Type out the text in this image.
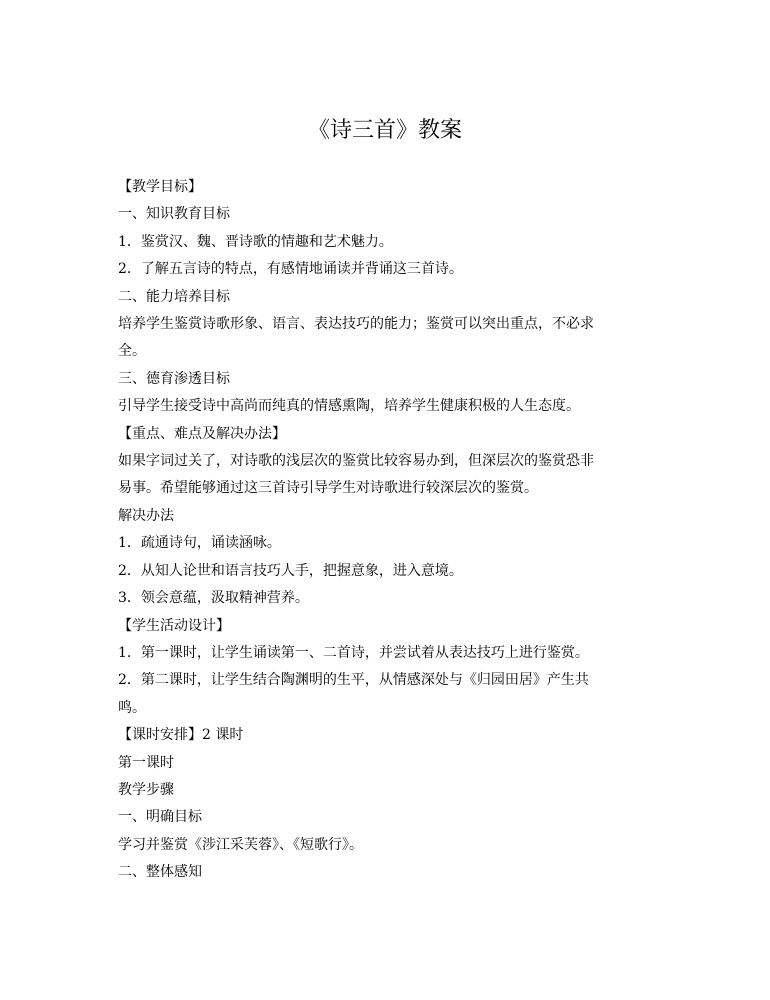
《诗三首》教案

【教学目标】

一、知识教育目标

1．鉴赏汉、魏、晋诗歌的情趣和艺术魅力。

2．了解五言诗的特点，有感情地诵读并背诵这三首诗。

二、能力培养目标

培养学生鉴赏诗歌形象、语言、表达技巧的能力；鉴赏可以突出重点，不必求

全。

三、德育渗透目标

引导学生接受诗中高尚而纯真的情感熏陶，培养学生健康积极的人生态度。

【重点、难点及解决办法】

如果字词过关了，对诗歌的浅层次的鉴赏比较容易办到，但深层次的鉴赏恐非

易事。希望能够通过这三首诗引导学生对诗歌进行较深层次的鉴赏。

解决办法

1．疏通诗句，诵读涵咏。

2．从知人论世和语言技巧人手，把握意象，进入意境。

3．领会意蕴，汲取精神营养。

【学生活动设计】

1．第一课时，让学生诵读第一、二首诗，并尝试着从表达技巧上进行鉴赏。

2．第二课时，让学生结合陶渊明的生平，从情感深处与《归园田居》产生共

鸣。

【课时安排】2 课时

第一课时

教学步骤

一、明确目标

学习并鉴赏《涉江采芙蓉》、《短歌行》。

二、整体感知
